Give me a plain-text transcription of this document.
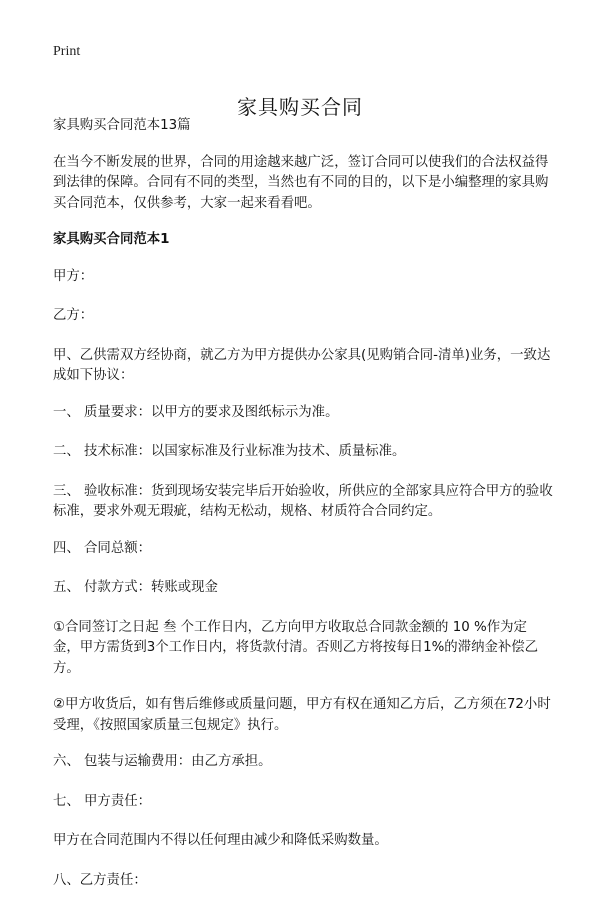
Print
家具购买合同

家具购买合同范本13篇

在当今不断发展的世界，合同的用途越来越广泛，签订合同可以使我们的合法权益得到法律的保障。合同有不同的类型，当然也有不同的目的，以下是小编整理的家具购买合同范本，仅供参考，大家一起来看看吧。

家具购买合同范本1

甲方：

乙方：

甲、乙供需双方经协商，就乙方为甲方提供办公家具(见购销合同-清单)业务，一致达成如下协议：

一、 质量要求：以甲方的要求及图纸标示为准。

二、 技术标准：以国家标准及行业标准为技术、质量标准。

三、 验收标准：货到现场安装完毕后开始验收，所供应的全部家具应符合甲方的验收标准，要求外观无瑕疵，结构无松动，规格、材质符合合同约定。

四、 合同总额：

五、 付款方式：转账或现金

①合同签订之日起 叁 个工作日内，乙方向甲方收取总合同款金额的 10 %作为定金，甲方需货到3个工作日内，将货款付清。否则乙方将按每日1%的滞纳金补偿乙方。

②甲方收货后，如有售后维修或质量问题，甲方有权在通知乙方后，乙方须在72小时受理，《按照国家质量三包规定》执行。

六、 包装与运输费用：由乙方承担。

七、 甲方责任：

甲方在合同范围内不得以任何理由减少和降低采购数量。

八、乙方责任：
